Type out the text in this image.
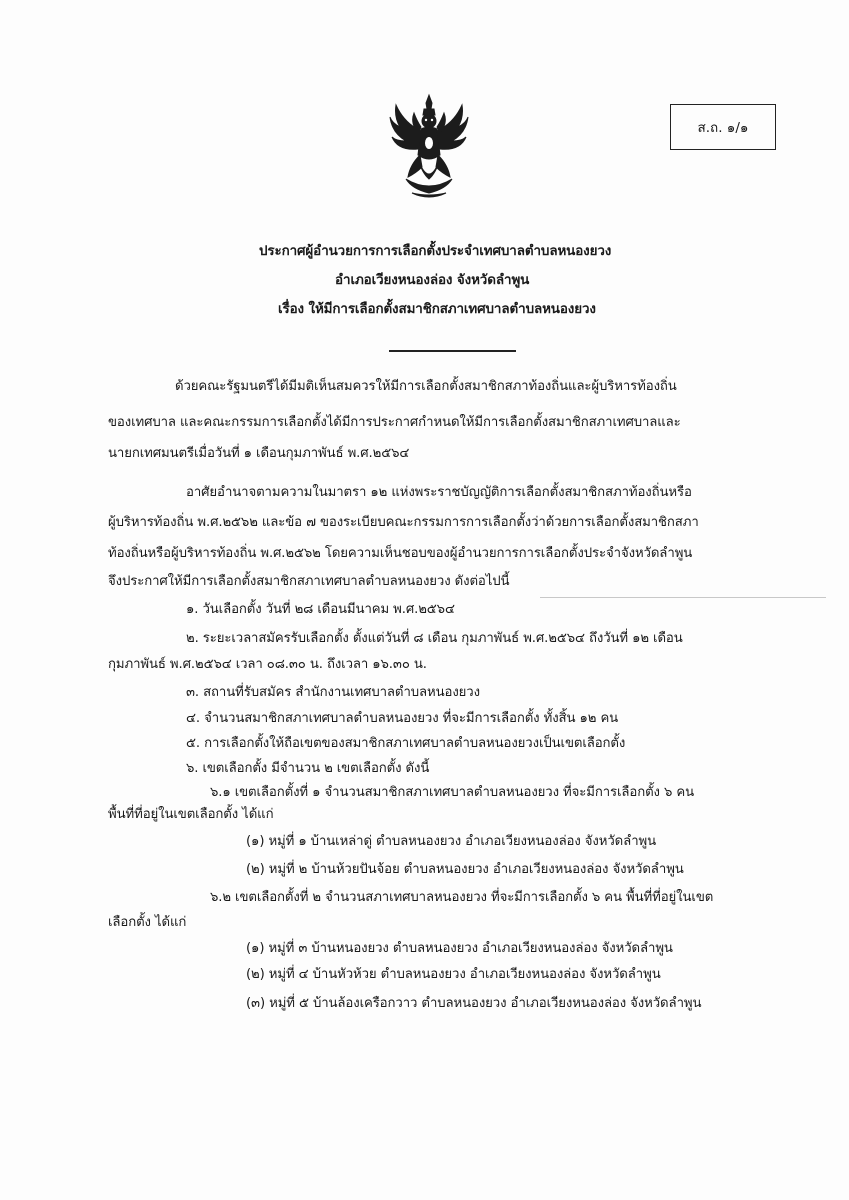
ส.ถ. ๑/๑
ประกาศผู้อำนวยการการเลือกตั้งประจำเทศบาลตำบลหนองยวง
อำเภอเวียงหนองล่อง จังหวัดลำพูน
เรื่อง ให้มีการเลือกตั้งสมาชิกสภาเทศบาลตำบลหนองยวง
ด้วยคณะรัฐมนตรีได้มีมติเห็นสมควรให้มีการเลือกตั้งสมาชิกสภาท้องถิ่นและผู้บริหารท้องถิ่น
ของเทศบาล และคณะกรรมการเลือกตั้งได้มีการประกาศกำหนดให้มีการเลือกตั้งสมาชิกสภาเทศบาลและ
นายกเทศมนตรีเมื่อวันที่ ๑ เดือนกุมภาพันธ์ พ.ศ.๒๕๖๔
อาศัยอำนาจตามความในมาตรา ๑๒ แห่งพระราชบัญญัติการเลือกตั้งสมาชิกสภาท้องถิ่นหรือ
ผู้บริหารท้องถิ่น พ.ศ.๒๕๖๒ และข้อ ๗ ของระเบียบคณะกรรมการการเลือกตั้งว่าด้วยการเลือกตั้งสมาชิกสภา
ท้องถิ่นหรือผู้บริหารท้องถิ่น พ.ศ.๒๕๖๒ โดยความเห็นชอบของผู้อำนวยการการเลือกตั้งประจำจังหวัดลำพูน
จึงประกาศให้มีการเลือกตั้งสมาชิกสภาเทศบาลตำบลหนองยวง ดังต่อไปนี้
๑. วันเลือกตั้ง วันที่ ๒๘ เดือนมีนาคม พ.ศ.๒๕๖๔
๒. ระยะเวลาสมัครรับเลือกตั้ง ตั้งแต่วันที่ ๘ เดือน กุมภาพันธ์ พ.ศ.๒๕๖๔ ถึงวันที่ ๑๒ เดือน
กุมภาพันธ์ พ.ศ.๒๕๖๔ เวลา ๐๘.๓๐ น. ถึงเวลา ๑๖.๓๐ น.
๓. สถานที่รับสมัคร สำนักงานเทศบาลตำบลหนองยวง
๔. จำนวนสมาชิกสภาเทศบาลตำบลหนองยวง ที่จะมีการเลือกตั้ง ทั้งสิ้น ๑๒ คน
๕. การเลือกตั้งให้ถือเขตของสมาชิกสภาเทศบาลตำบลหนองยวงเป็นเขตเลือกตั้ง
๖. เขตเลือกตั้ง มีจำนวน ๒ เขตเลือกตั้ง ดังนี้
๖.๑ เขตเลือกตั้งที่ ๑ จำนวนสมาชิกสภาเทศบาลตำบลหนองยวง ที่จะมีการเลือกตั้ง ๖ คน
พื้นที่ที่อยู่ในเขตเลือกตั้ง ได้แก่
(๑) หมู่ที่ ๑ บ้านเหล่าดู่ ตำบลหนองยวง อำเภอเวียงหนองล่อง จังหวัดลำพูน
(๒) หมู่ที่ ๒ บ้านห้วยปันจ้อย ตำบลหนองยวง อำเภอเวียงหนองล่อง จังหวัดลำพูน
๖.๒ เขตเลือกตั้งที่ ๒ จำนวนสภาเทศบาลหนองยวง ที่จะมีการเลือกตั้ง ๖ คน พื้นที่ที่อยู่ในเขต
เลือกตั้ง ได้แก่
(๑) หมู่ที่ ๓ บ้านหนองยวง ตำบลหนองยวง อำเภอเวียงหนองล่อง จังหวัดลำพูน
(๒) หมู่ที่ ๔ บ้านหัวห้วย ตำบลหนองยวง อำเภอเวียงหนองล่อง จังหวัดลำพูน
(๓) หมู่ที่ ๕ บ้านล้องเครือกวาว ตำบลหนองยวง อำเภอเวียงหนองล่อง จังหวัดลำพูน
